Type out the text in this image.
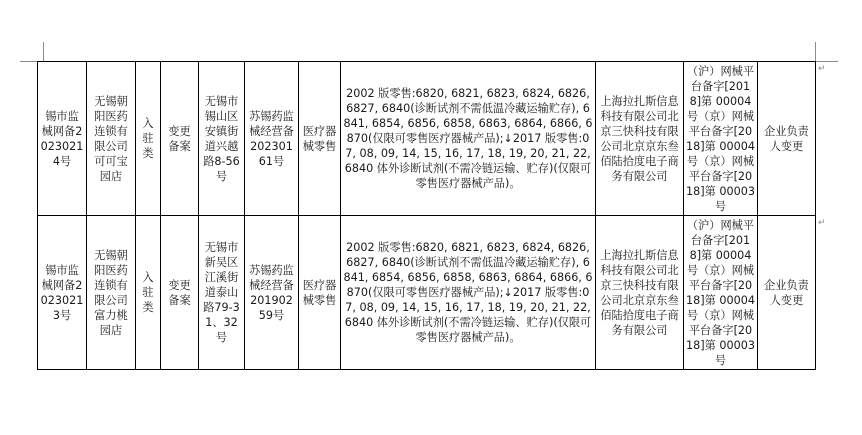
锡市监械网备20230214号	无锡朝阳医药连锁有限公司可可宝园店	入驻类	变更备案	无锡市锡山区安镇街道兴越路8-56号	苏锡药监械经营备20230161号	医疗器械零售	2002 版零售:6820, 6821, 6823, 6824, 6826, 6827, 6840(诊断试剂不需低温冷藏运输贮存), 6841, 6854, 6856, 6858, 6863, 6864, 6866, 6870(仅限可零售医疗器械产品);↓2017 版零售:07, 08, 09, 14, 15, 16, 17, 18, 19, 20, 21, 22, 6840 体外诊断试剂(不需冷链运输、贮存)(仅限可零售医疗器械产品)。	上海拉扎斯信息科技有限公司北京三快科技有限公司北京京东叁佰陆拾度电子商务有限公司	（沪）网械平台备字[2018]第 00004 号（京）网械平台备字[2018]第 00004 号（京）网械平台备字[2018]第 00003 号	企业负责人变更
锡市监械网备20230213号	无锡朝阳医药连锁有限公司富力桃园店	入驻类	变更备案	无锡市新吴区江溪街道泰山路79-31、32号	苏锡药监械经营备20190259号	医疗器械零售	2002 版零售:6820, 6821, 6823, 6824, 6826, 6827, 6840(诊断试剂不需低温冷藏运输贮存), 6841, 6854, 6856, 6858, 6863, 6864, 6866, 6870(仅限可零售医疗器械产品);↓2017 版零售:07, 08, 09, 14, 15, 16, 17, 18, 19, 20, 21, 22, 6840 体外诊断试剂(不需冷链运输、贮存)(仅限可零售医疗器械产品)。	上海拉扎斯信息科技有限公司北京三快科技有限公司北京京东叁佰陆拾度电子商务有限公司	（沪）网械平台备字[2018]第 00004 号（京）网械平台备字[2018]第 00004 号（京）网械平台备字[2018]第 00003 号	企业负责人变更
↵
↵
